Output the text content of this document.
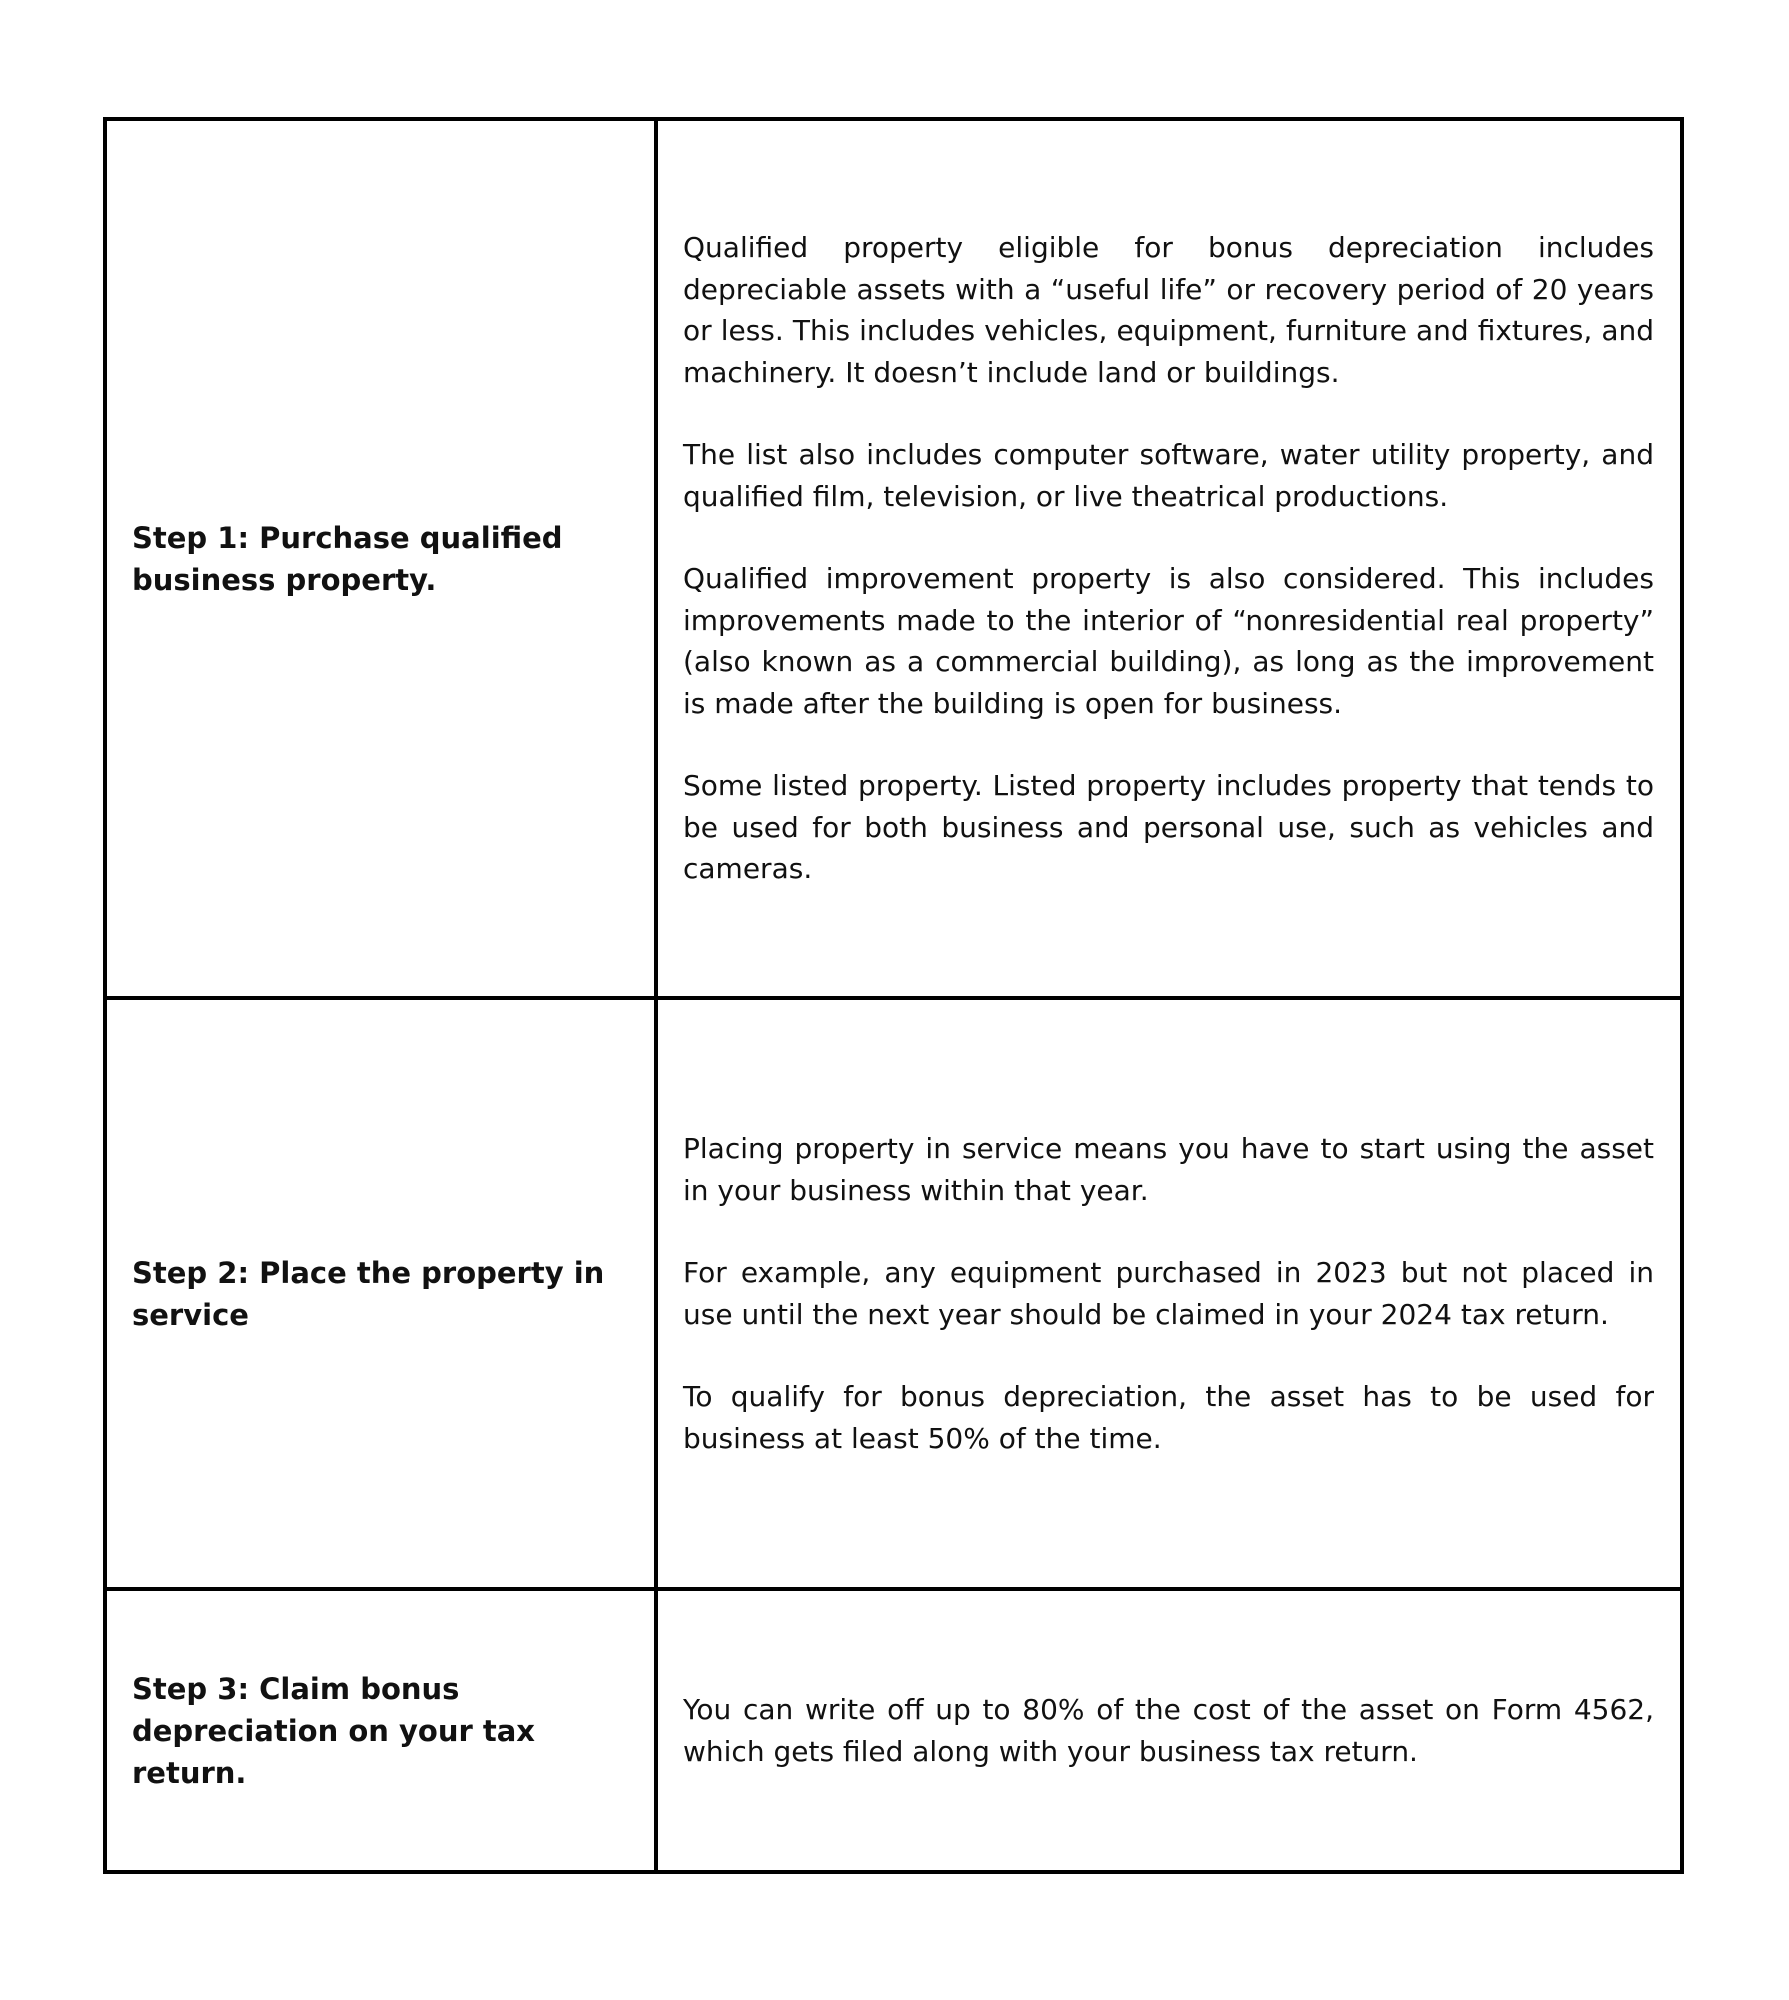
Step 1: Purchase qualified business property.	Qualified property eligible for bonus depreciation includes depreciable assets with a “useful life” or recovery period of 20 years or less. This includes vehicles, equipment, furniture and fixtures, and machinery. It doesn’t include land or buildings.

The list also includes computer software, water utility property, and qualified film, television, or live theatrical productions.

Qualified improvement property is also considered. This includes improvements made to the interior of “nonresidential real property” (also known as a commercial building), as long as the improvement is made after the building is open for business.

Some listed property. Listed property includes property that tends to be used for both business and personal use, such as vehicles and cameras.

Step 2: Place the property in service	Placing property in service means you have to start using the asset in your business within that year.

For example, any equipment purchased in 2023 but not placed in use until the next year should be claimed in your 2024 tax return.

To qualify for bonus depreciation, the asset has to be used for business at least 50% of the time.

Step 3: Claim bonus depreciation on your tax return.	You can write off up to 80% of the cost of the asset on Form 4562, which gets filed along with your business tax return.
